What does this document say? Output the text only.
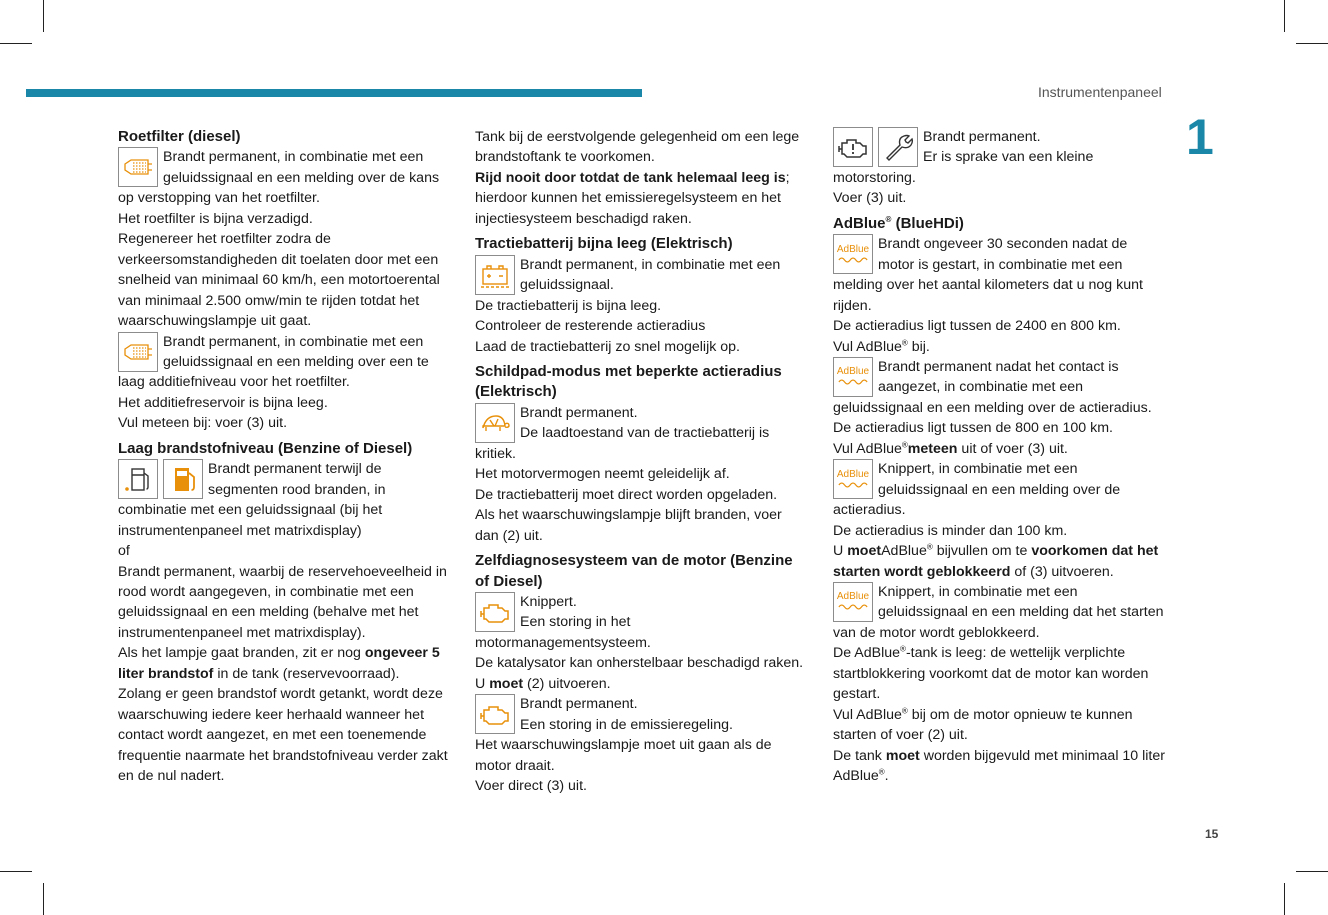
Instrumentenpaneel
1
15

Roetfilter (diesel)

Brandt permanent, in combinatie met een geluidssignaal en een melding over de kans op verstopping van het roetfilter.

Het roetfilter is bijna verzadigd.

Regenereer het roetfilter zodra de verkeersomstandigheden dit toelaten door met een snelheid van minimaal 60 km/h, een motortoerental van minimaal 2.500 omw/min te rijden totdat het waarschuwingslampje uit gaat.

Brandt permanent, in combinatie met een geluidssignaal en een melding over een te laag additiefniveau voor het roetfilter.

Het additiefreservoir is bijna leeg.

Vul meteen bij: voer (3) uit.

Laag brandstofniveau (Benzine of Diesel)

Brandt permanent terwijl de segmenten rood branden, in combinatie met een geluidssignaal (bij het instrumentenpaneel met matrixdisplay)

of

Brandt permanent, waarbij de reservehoeveelheid in rood wordt aangegeven, in combinatie met een geluidssignaal en een melding (behalve met het instrumentenpaneel met matrixdisplay).

Als het lampje gaat branden, zit er nog ongeveer 5 liter brandstof in de tank (reservevoorraad).

Zolang er geen brandstof wordt getankt, wordt deze waarschuwing iedere keer herhaald wanneer het contact wordt aangezet, en met een toenemende frequentie naarmate het brandstofniveau verder zakt en de nul nadert.

Tank bij de eerstvolgende gelegenheid om een lege brandstoftank te voorkomen.

Rijd nooit door totdat de tank helemaal leeg is; hierdoor kunnen het emissieregelsysteem en het injectiesysteem beschadigd raken.

Tractiebatterij bijna leeg (Elektrisch)

Brandt permanent, in combinatie met een geluidssignaal.

De tractiebatterij is bijna leeg.

Controleer de resterende actieradius

Laad de tractiebatterij zo snel mogelijk op.

Schildpad-modus met beperkte actieradius (Elektrisch)

Brandt permanent.

De laadtoestand van de tractiebatterij is kritiek.

Het motorvermogen neemt geleidelijk af.

De tractiebatterij moet direct worden opgeladen.

Als het waarschuwingslampje blijft branden, voer dan (2) uit.

Zelfdiagnosesysteem van de motor (Benzine of Diesel)

Knippert.

Een storing in het motormanagementsysteem.

De katalysator kan onherstelbaar beschadigd raken.

U moet (2) uitvoeren.

Brandt permanent.

Een storing in de emissieregeling.

Het waarschuwingslampje moet uit gaan als de motor draait.

Voer direct (3) uit.

Brandt permanent.

Er is sprake van een kleine motorstoring.

Voer (3) uit.

AdBlue® (BlueHDi)

AdBlue Brandt ongeveer 30 seconden nadat de motor is gestart, in combinatie met een melding over het aantal kilometers dat u nog kunt rijden.

De actieradius ligt tussen de 2400 en 800 km.

Vul AdBlue® bij.

AdBlue Brandt permanent nadat het contact is aangezet, in combinatie met een geluidssignaal en een melding over de actieradius.

De actieradius ligt tussen de 800 en 100 km.

Vul AdBlue®meteen uit of voer (3) uit.

AdBlue Knippert, in combinatie met een geluidssignaal en een melding over de actieradius.

De actieradius is minder dan 100 km.

U moetAdBlue® bijvullen om te voorkomen dat het starten wordt geblokkeerd of (3) uitvoeren.

AdBlue Knippert, in combinatie met een geluidssignaal en een melding dat het starten van de motor wordt geblokkeerd.

De AdBlue®-tank is leeg: de wettelijk verplichte startblokkering voorkomt dat de motor kan worden gestart.

Vul AdBlue® bij om de motor opnieuw te kunnen starten of voer (2) uit.

De tank moet worden bijgevuld met minimaal 10 liter AdBlue®.
